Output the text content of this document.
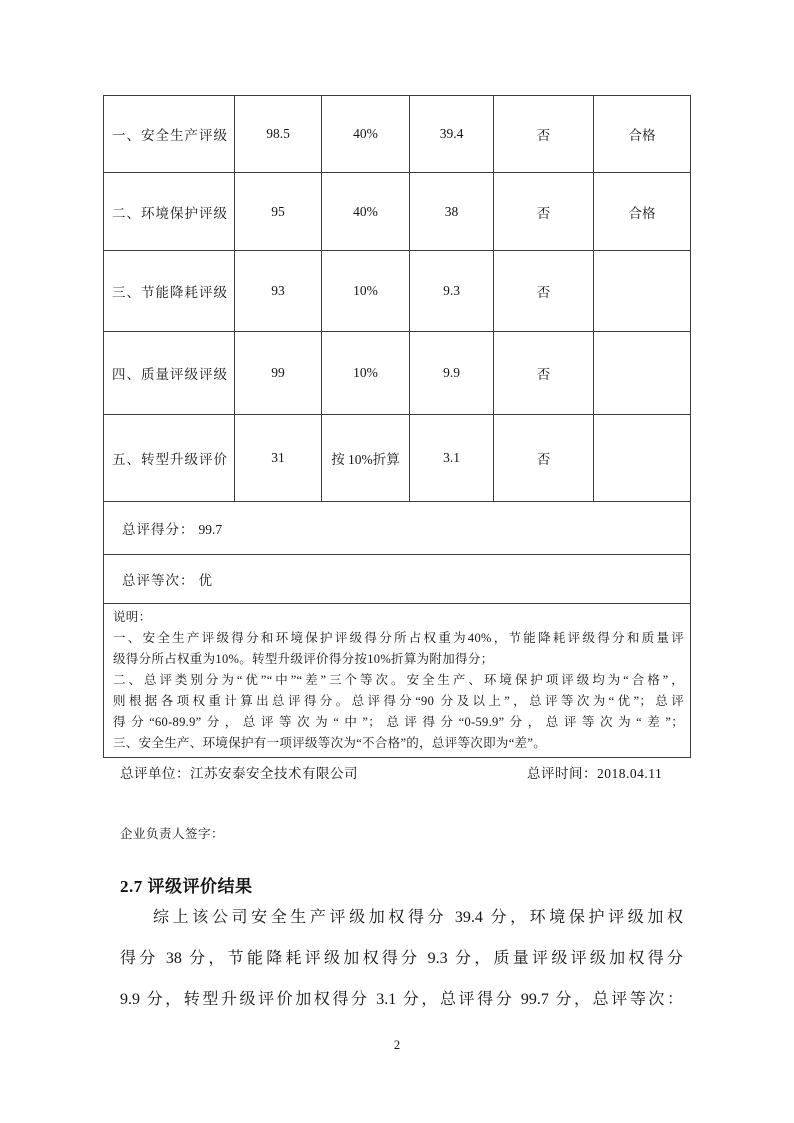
一、安全生产评级	98.5	40%	39.4	否	合格
二、环境保护评级	95	40%	38	否	合格
三、节能降耗评级	93	10%	9.3	否	
四、质量评级评级	99	10%	9.9	否	
五、转型升级评价	31	按 10%折算	3.1	否	
总评得分： 99.7					
总评等次： 优					

说明：
一、安全生产评级得分和环境保护评级得分所占权重为40%，节能降耗评级得分和质量评
级得分所占权重为10%。转型升级评价得分按10%折算为附加得分；
二、总评类别分为“优”“中”“差”三个等次。安全生产、环境保护项评级均为“合格”，
则根据各项权重计算出总评得分。总评得分“90 分及以上”，总评等次为“优”；总评
得分“60-89.9”分，总评等次为“中”；总评得分“0-59.9”分，总评等次为“差”；
三、安全生产、环境保护有一项评级等次为“不合格”的，总评等次即为“差”。
总评单位：江苏安泰安全技术有限公司	总评时间：2018.04.11
企业负责人签字：
2.7 评级评价结果
综上该公司安全生产评级加权得分 39.4 分，环境保护评级加权
得分 38 分，节能降耗评级加权得分 9.3 分，质量评级评级加权得分
9.9 分，转型升级评价加权得分 3.1 分，总评得分 99.7 分，总评等次：
2
